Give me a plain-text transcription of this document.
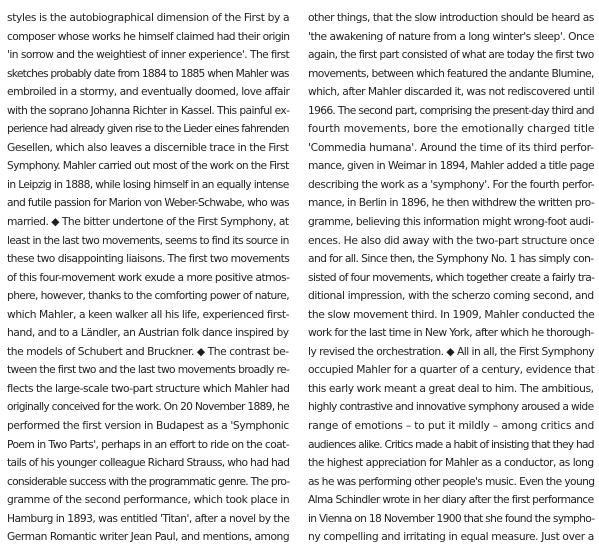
styles is the autobiographical dimension of the First by a
composer whose works he himself claimed had their origin
'in sorrow and the weightiest of inner experience'. The first
sketches probably date from 1884 to 1885 when Mahler was
embroiled in a stormy, and eventually doomed, love affair
with the soprano Johanna Richter in Kassel. This painful ex-
perience had already given rise to the Lieder eines fahrenden
Gesellen, which also leaves a discernible trace in the First
Symphony. Mahler carried out most of the work on the First
in Leipzig in 1888, while losing himself in an equally intense
and futile passion for Marion von Weber-Schwabe, who was
married. ◆ The bitter undertone of the First Symphony, at
least in the last two movements, seems to find its source in
these two disappointing liaisons. The first two movements
of this four-movement work exude a more positive atmos-
phere, however, thanks to the comforting power of nature,
which Mahler, a keen walker all his life, experienced first-
hand, and to a Ländler, an Austrian folk dance inspired by
the models of Schubert and Bruckner. ◆ The contrast be-
tween the first two and the last two movements broadly re-
flects the large-scale two-part structure which Mahler had
originally conceived for the work. On 20 November 1889, he
performed the first version in Budapest as a 'Symphonic
Poem in Two Parts', perhaps in an effort to ride on the coat-
tails of his younger colleague Richard Strauss, who had had
considerable success with the programmatic genre. The pro-
gramme of the second performance, which took place in
Hamburg in 1893, was entitled 'Titan', after a novel by the
German Romantic writer Jean Paul, and mentions, among
other things, that the slow introduction should be heard as
'the awakening of nature from a long winter's sleep'. Once
again, the first part consisted of what are today the first two
movements, between which featured the andante Blumine,
which, after Mahler discarded it, was not rediscovered until
1966. The second part, comprising the present-day third and
fourth movements, bore the emotionally charged title
'Commedia humana'. Around the time of its third perfor-
mance, given in Weimar in 1894, Mahler added a title page
describing the work as a 'symphony'. For the fourth perfor-
mance, in Berlin in 1896, he then withdrew the written pro-
gramme, believing this information might wrong-foot audi-
ences. He also did away with the two-part structure once
and for all. Since then, the Symphony No. 1 has simply con-
sisted of four movements, which together create a fairly tra-
ditional impression, with the scherzo coming second, and
the slow movement third. In 1909, Mahler conducted the
work for the last time in New York, after which he thorough-
ly revised the orchestration. ◆ All in all, the First Symphony
occupied Mahler for a quarter of a century, evidence that
this early work meant a great deal to him. The ambitious,
highly contrastive and innovative symphony aroused a wide
range of emotions – to put it mildly – among critics and
audiences alike. Critics made a habit of insisting that they had
the highest appreciation for Mahler as a conductor, as long
as he was performing other people's music. Even the young
Alma Schindler wrote in her diary after the first performance
in Vienna on 18 November 1900 that she found the sympho-
ny compelling and irritating in equal measure. Just over a
